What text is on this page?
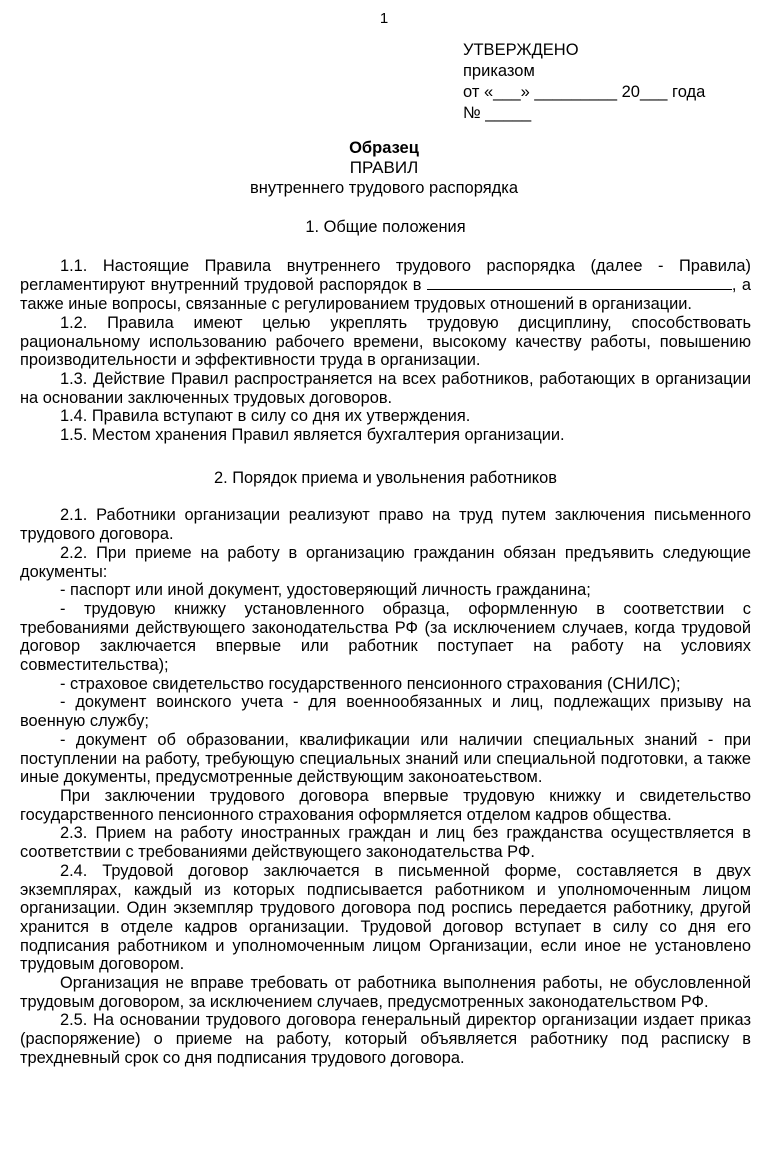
1
УТВЕРЖДЕНО
приказом
от «___» _________ 20___ года
№ _____
Образец
ПРАВИЛ
внутреннего трудового распорядка
1. Общие положения

1.1. Настоящие Правила внутреннего трудового распорядка (далее - Правила) регламентируют внутренний трудовой распорядок в	, а также иные вопросы, связанные с регулированием трудовых отношений в организации.

1.2. Правила имеют целью укреплять трудовую дисциплину, способствовать рациональному использованию рабочего времени, высокому качеству работы, повышению производительности и эффективности труда в организации.

1.3. Действие Правил распространяется на всех работников, работающих в организации на основании заключенных трудовых договоров.

1.4. Правила вступают в силу со дня их утверждения.

1.5. Местом хранения Правил является бухгалтерия организации.

2. Порядок приема и увольнения работников

2.1. Работники организации реализуют право на труд путем заключения письменного трудового договора.

2.2. При приеме на работу в организацию гражданин обязан предъявить следующие документы:

- паспорт или иной документ, удостоверяющий личность гражданина;

- трудовую книжку установленного образца, оформленную в соответствии с требованиями действующего законодательства РФ (за исключением случаев, когда трудовой договор заключается впервые или работник поступает на работу на условиях совместительства);

- страховое свидетельство государственного пенсионного страхования (СНИЛС);

- документ воинского учета - для военнообязанных и лиц, подлежащих призыву на военную службу;

- документ об образовании, квалификации или наличии специальных знаний - при поступлении на работу, требующую специальных знаний или специальной подготовки, а также иные документы, предусмотренные действующим законоатеьством.

При заключении трудового договора впервые трудовую книжку и свидетельство государственного пенсионного страхования оформляется отделом кадров общества.

2.3. Прием на работу иностранных граждан и лиц без гражданства осуществляется в соответствии с требованиями действующего законодательства РФ.

2.4. Трудовой договор заключается в письменной форме, составляется в двух экземплярах, каждый из которых подписывается работником и уполномоченным лицом организации. Один экземпляр трудового договора под роспись передается работнику, другой хранится в отделе кадров организации. Трудовой договор вступает в силу со дня его подписания работником и уполномоченным лицом Организации, если иное не установлено трудовым договором.

Организация не вправе требовать от работника выполнения работы, не обусловленной трудовым договором, за исключением случаев, предусмотренных законодательством РФ.

2.5. На основании трудового договора генеральный директор организации издает приказ (распоряжение) о приеме на работу, который объявляется работнику под расписку в трехдневный срок со дня подписания трудового договора.
